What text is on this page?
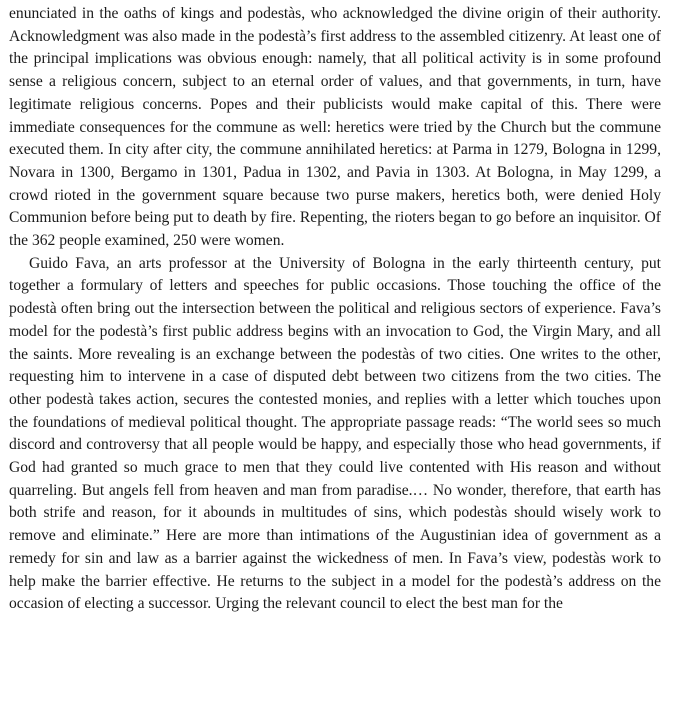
enunciated in the oaths of kings and podestàs, who acknowledged the divine origin of their authority. Acknowledgment was also made in the podestà’s first address to the assembled citizenry. At least one of the principal implications was obvious enough: namely, that all political activity is in some profound sense a religious concern, subject to an eternal order of values, and that governments, in turn, have legitimate religious concerns. Popes and their publicists would make capital of this. There were immediate consequences for the commune as well: heretics were tried by the Church but the commune executed them. In city after city, the commune annihilated heretics: at Parma in 1279, Bologna in 1299, Novara in 1300, Bergamo in 1301, Padua in 1302, and Pavia in 1303. At Bologna, in May 1299, a crowd rioted in the government square because two purse makers, heretics both, were denied Holy Communion before being put to death by fire. Repenting, the rioters began to go before an inquisitor. Of the 362 people examined, 250 were women.

Guido Fava, an arts professor at the University of Bologna in the early thirteenth century, put together a formulary of letters and speeches for public occasions. Those touching the office of the podestà often bring out the intersection between the political and religious sectors of experience. Fava’s model for the podestà’s first public address begins with an invocation to God, the Virgin Mary, and all the saints. More revealing is an exchange between the podestàs of two cities. One writes to the other, requesting him to intervene in a case of disputed debt between two citizens from the two cities. The other podestà takes action, secures the contested monies, and replies with a letter which touches upon the foundations of medieval political thought. The appropriate passage reads: “The world sees so much discord and controversy that all people would be happy, and especially those who head governments, if God had granted so much grace to men that they could live contented with His reason and without quarreling. But angels fell from heaven and man from paradise.… No wonder, therefore, that earth has both strife and reason, for it abounds in multitudes of sins, which podestàs should wisely work to remove and eliminate.” Here are more than intimations of the Augustinian idea of government as a remedy for sin and law as a barrier against the wickedness of men. In Fava’s view, podestàs work to help make the barrier effective. He returns to the subject in a model for the podestà’s address on the occasion of electing a successor. Urging the relevant council to elect the best man for the
